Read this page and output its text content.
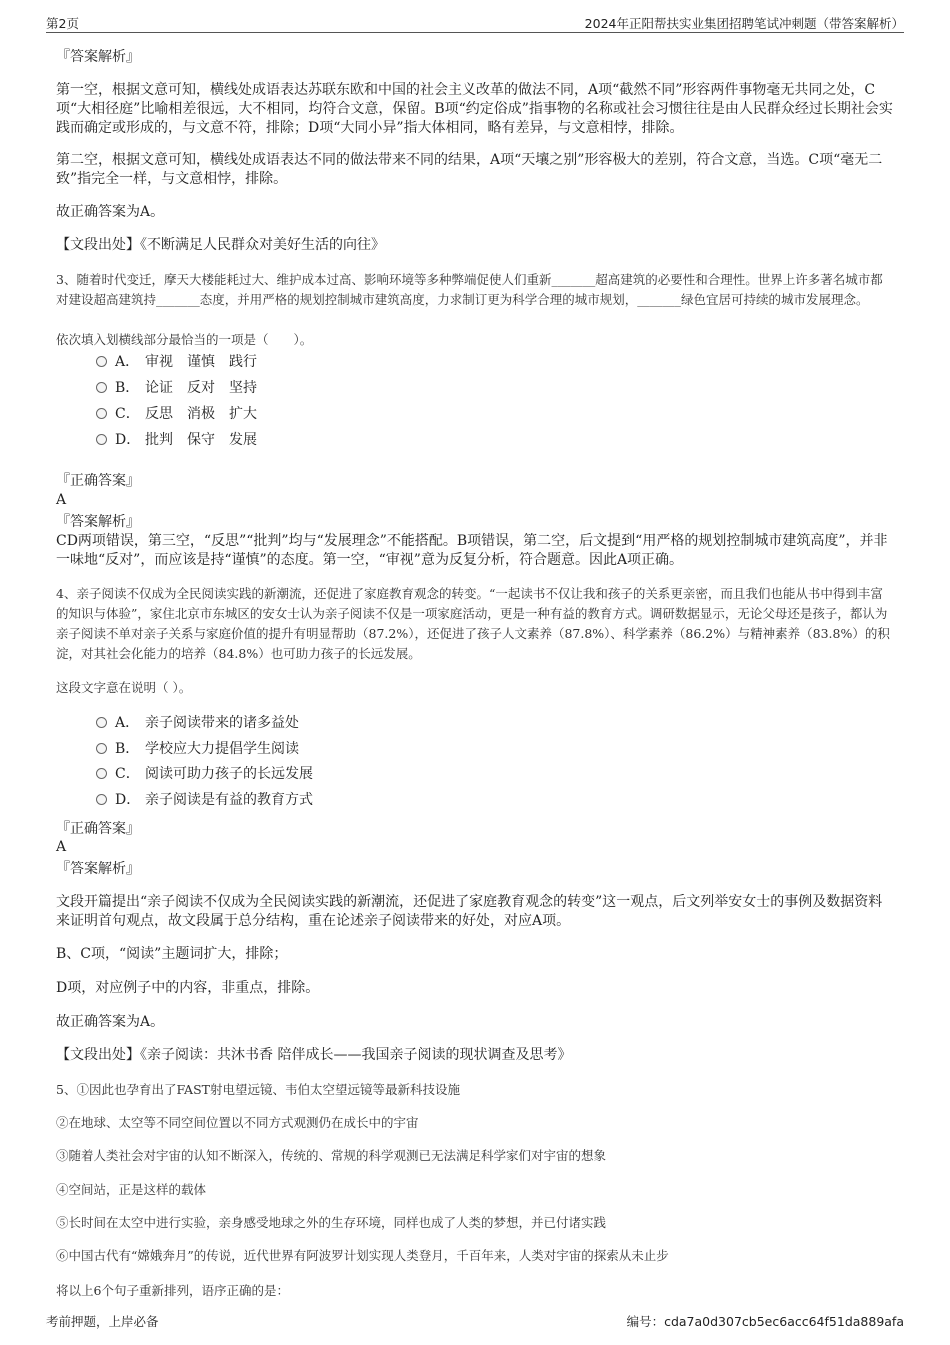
第2页	2024年正阳帮扶实业集团招聘笔试冲刺题（带答案解析）
『答案解析』
第一空，根据文意可知，横线处成语表达苏联东欧和中国的社会主义改革的做法不同，A项“截然不同”形容两件事物毫无共同之处，C项“大相径庭”比喻相差很远，大不相同，均符合文意，保留。B项“约定俗成”指事物的名称或社会习惯往往是由人民群众经过长期社会实践而确定或形成的，与文意不符，排除；D项“大同小异”指大体相同，略有差异，与文意相悖，排除。
第二空，根据文意可知，横线处成语表达不同的做法带来不同的结果，A项“天壤之别”形容极大的差别，符合文意，当选。C项“毫无二致”指完全一样，与文意相悖，排除。
故正确答案为A。
【文段出处】《不断满足人民群众对美好生活的向往》
3、随着时代变迁，摩天大楼能耗过大、维护成本过高、影响环境等多种弊端促使人们重新_______超高建筑的必要性和合理性。世界上许多著名城市都对建设超高建筑持_______态度，并用严格的规划控制城市建筑高度，力求制订更为科学合理的城市规划，_______绿色宜居可持续的城市发展理念。
依次填入划横线部分最恰当的一项是（　　）。
A． 审视　谨慎　践行
B． 论证　反对　坚持
C． 反思　消极　扩大
D． 批判　保守　发展
『正确答案』
A
『答案解析』
CD两项错误，第三空，“反思”“批判”均与“发展理念”不能搭配。B项错误，第二空，后文提到“用严格的规划控制城市建筑高度”，并非一味地“反对”，而应该是持“谨慎”的态度。第一空，“审视”意为反复分析，符合题意。因此A项正确。
4、亲子阅读不仅成为全民阅读实践的新潮流，还促进了家庭教育观念的转变。“一起读书不仅让我和孩子的关系更亲密，而且我们也能从书中得到丰富的知识与体验”，家住北京市东城区的安女士认为亲子阅读不仅是一项家庭活动，更是一种有益的教育方式。调研数据显示，无论父母还是孩子，都认为亲子阅读不单对亲子关系与家庭价值的提升有明显帮助（87.2%），还促进了孩子人文素养（87.8%）、科学素养（86.2%）与精神素养（83.8%）的积淀，对其社会化能力的培养（84.8%）也可助力孩子的长远发展。
这段文字意在说明（ ）。
A． 亲子阅读带来的诸多益处
B． 学校应大力提倡学生阅读
C． 阅读可助力孩子的长远发展
D． 亲子阅读是有益的教育方式
『正确答案』
A
『答案解析』
文段开篇提出“亲子阅读不仅成为全民阅读实践的新潮流，还促进了家庭教育观念的转变”这一观点，后文列举安女士的事例及数据资料来证明首句观点，故文段属于总分结构，重在论述亲子阅读带来的好处，对应A项。
B、C项，“阅读”主题词扩大，排除；
D项，对应例子中的内容，非重点，排除。
故正确答案为A。
【文段出处】《亲子阅读：共沐书香 陪伴成长——我国亲子阅读的现状调查及思考》
5、①因此也孕育出了FAST射电望远镜、韦伯太空望远镜等最新科技设施
②在地球、太空等不同空间位置以不同方式观测仍在成长中的宇宙
③随着人类社会对宇宙的认知不断深入，传统的、常规的科学观测已无法满足科学家们对宇宙的想象
④空间站，正是这样的载体
⑤长时间在太空中进行实验，亲身感受地球之外的生存环境，同样也成了人类的梦想，并已付诸实践
⑥中国古代有“嫦娥奔月”的传说，近代世界有阿波罗计划实现人类登月，千百年来，人类对宇宙的探索从未止步
将以上6个句子重新排列，语序正确的是：
考前押题，上岸必备	编号：cda7a0d307cb5ec6acc64f51da889afa
